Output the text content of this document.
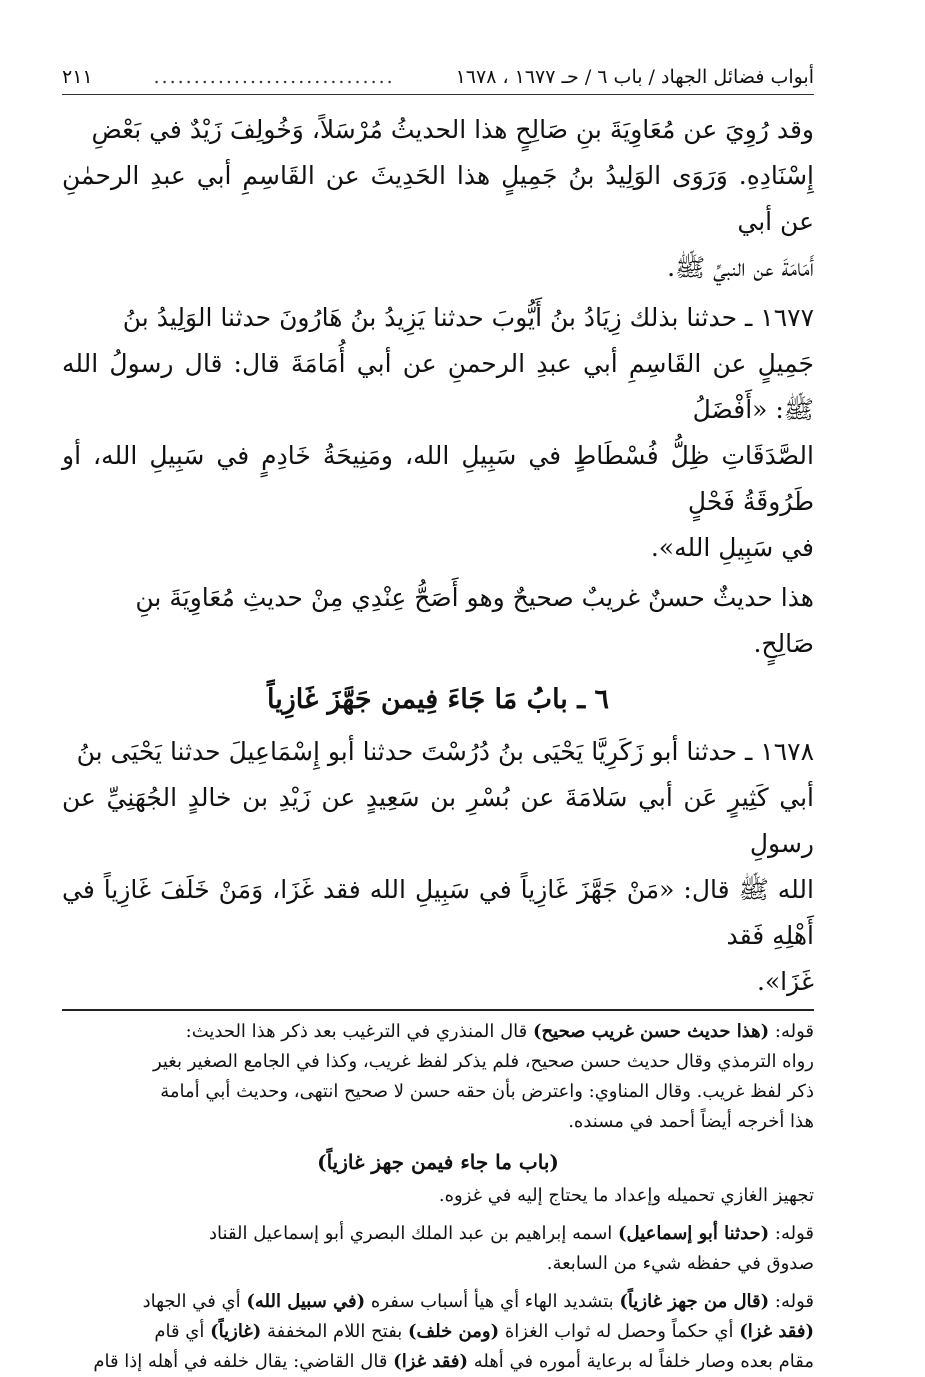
أبواب فضائل الجهاد / باب ٦ / حـ ١٦٧٧ ، ١٦٧٨
..............................
٢١١

وقد رُوِيَ عن مُعَاوِيَةَ بنِ صَالِحٍ هذا الحديثُ مُرْسَلاً، وَخُولِفَ زَيْدٌ في بَعْضِ
إِسْنَادِهِ. وَرَوَى الوَلِيدُ بنُ جَمِيلٍ هذا الحَدِيثَ عن القَاسِمِ أبي عبدِ الرحمٰنِ عن أبي
أَمَامَةَ عن النبيِّ ﷺ.

١٦٧٧ ـ حدثنا بذلك زِيَادُ بنُ أَيُّوبَ حدثنا يَزِيدُ بنُ هَارُونَ حدثنا الوَلِيدُ بنُ
جَمِيلٍ عن القَاسِمِ أبي عبدِ الرحمنِ عن أبي أُمَامَةَ قال: قال رسولُ الله ﷺ: «أَفْضَلُ
الصَّدَقَاتِ ظِلُّ فُسْطَاطٍ في سَبِيلِ الله، ومَنِيحَةُ خَادِمٍ في سَبِيلِ الله، أو طَرُوقَةُ فَحْلٍ
في سَبِيلِ الله».

هذا حديثٌ حسنٌ غريبٌ صحيحٌ وهو أَصَحُّ عِنْدِي مِنْ حديثِ مُعَاوِيَةَ بنِ
صَالِحٍ.

٦ ـ بابُ مَا جَاءَ فِيمن جَهَّزَ غَازِياً

١٦٧٨ ـ حدثنا أبو زَكَرِيَّا يَحْيَى بنُ دُرُسْتَ حدثنا أبو إِسْمَاعِيلَ حدثنا يَحْيَى بنُ
أبي كَثِيرٍ عَن أبي سَلامَةَ عن بُسْرِ بن سَعِيدٍ عن زَيْدِ بن خالدٍ الجُهَنِيِّ عن رسولِ
الله ﷺ قال: «مَنْ جَهَّزَ غَازِياً في سَبِيلِ الله فقد غَزَا، وَمَنْ خَلَفَ غَازِياً في أَهْلِهِ فَقد
غَزَا».

قوله: (هذا حديث حسن غريب صحيح) قال المنذري في الترغيب بعد ذكر هذا الحديث:
رواه الترمذي وقال حديث حسن صحيح، فلم يذكر لفظ غريب، وكذا في الجامع الصغير بغير
ذكر لفظ غريب. وقال المناوي: واعترض بأن حقه حسن لا صحيح انتهى، وحديث أبي أمامة
هذا أخرجه أيضاً أحمد في مسنده.

(باب ما جاء فيمن جهز غازياً)

تجهيز الغازي تحميله وإعداد ما يحتاج إليه في غزوه.

قوله: (حدثنا أبو إسماعيل) اسمه إبراهيم بن عبد الملك البصري أبو إسماعيل القناد
صدوق في حفظه شيء من السابعة.

قوله: (قال من جهز غازياً) بتشديد الهاء أي هيأ أسباب سفره (في سبيل الله) أي في الجهاد
(فقد غزا) أي حكماً وحصل له ثواب الغزاة (ومن خلف) بفتح اللام المخففة (غازياً) أي قام
مقام بعده وصار خلفاً له برعاية أموره في أهله (فقد غزا) قال القاضي: يقال خلفه في أهله إذا قام
